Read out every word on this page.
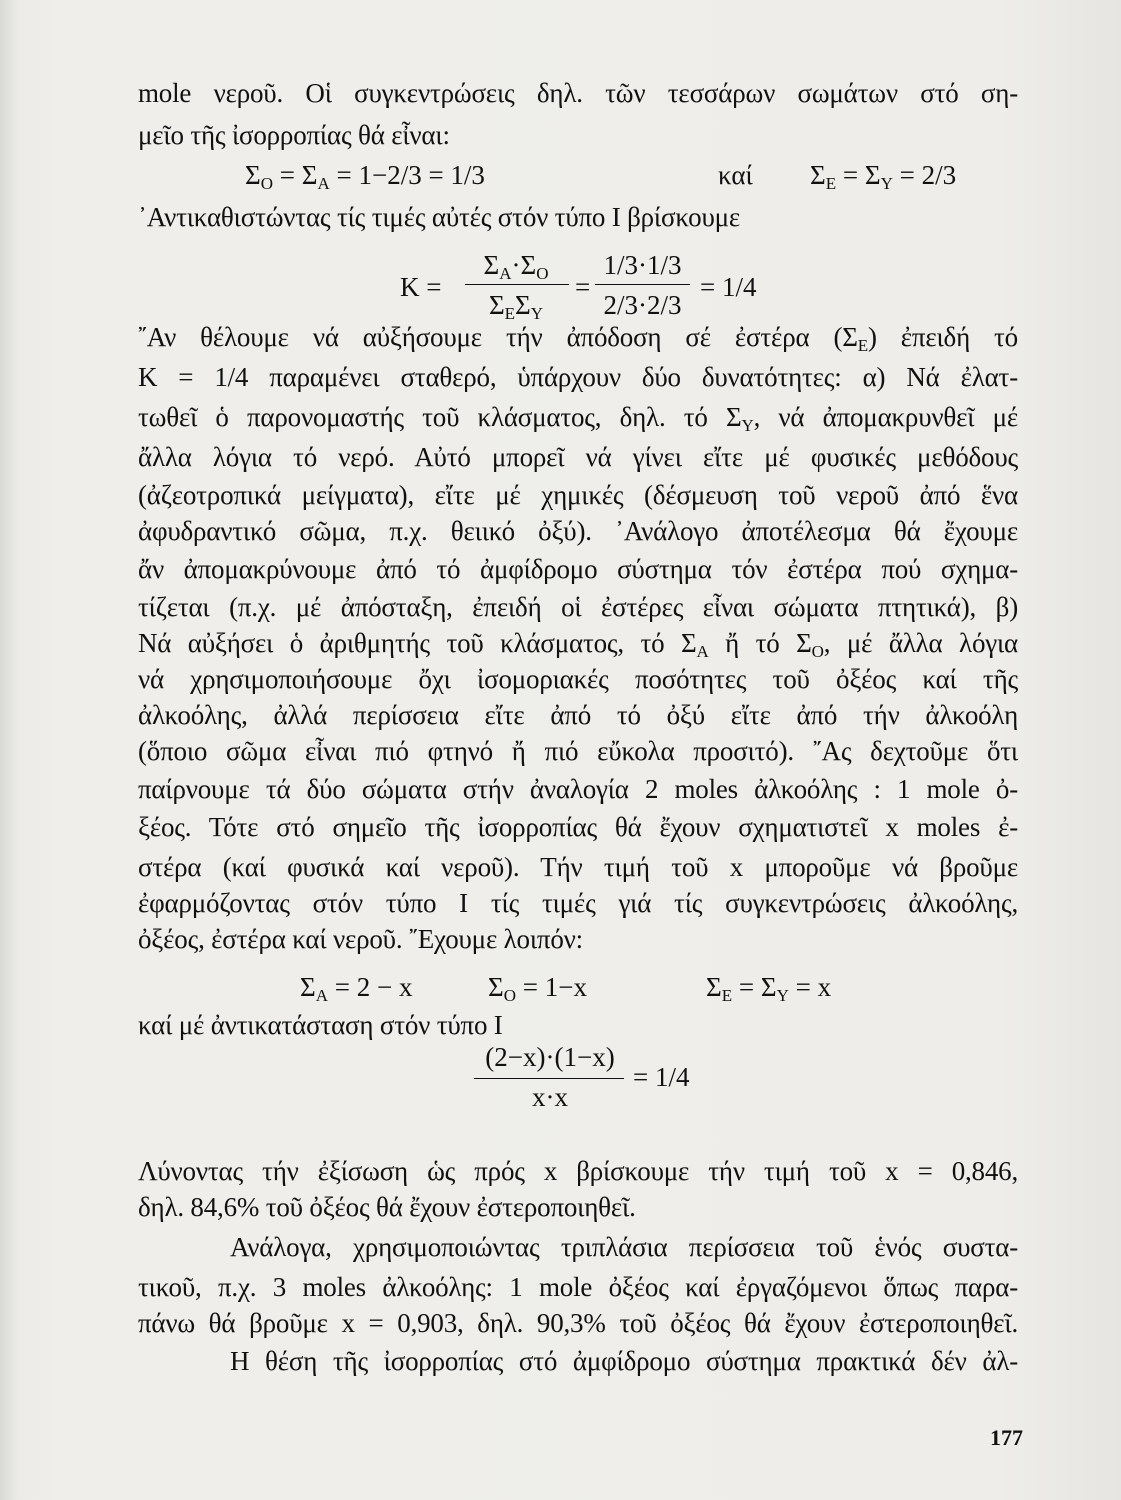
mole νεροῦ. Οἱ συγκεντρώσεις δηλ. τῶν τεσσάρων σωμάτων στό ση-
μεῖο τῆς ἰσορροπίας θά εἶναι:
$\Sigma_O = \Sigma_A = 1-2/3 = 1/3$	καί $\Sigma_E = \Sigma_Y = 2/3$
᾿Αντικαθιστώντας τίς τιμές αὐτές στόν τύπο Ι βρίσκουμε
K =
$\Sigma_A\cdot\Sigma_O$
$\Sigma_E\Sigma_Y$
=
1/3·1/3
2/3·2/3
= 1/4
῎Αν θέλουμε νά αὐξήσουμε τήν ἀπόδοση σέ ἐστέρα $(\Sigma_E)$ ἐπειδή τό
K = 1/4 παραμένει σταθερό, ὑπάρχουν δύο δυνατότητες: α) Νά ἐλατ-
τωθεῖ ὁ παρονομαστής τοῦ κλάσματος, δηλ. τό $\Sigma_Y$, νά ἀπομακρυνθεῖ μέ
ἄλλα λόγια τό νερό. Αὐτό μπορεῖ νά γίνει εἴτε μέ φυσικές μεθόδους
(ἀζεοτροπικά μείγματα), εἴτε μέ χημικές (δέσμευση τοῦ νεροῦ ἀπό ἕνα
ἀφυδραντικό σῶμα, π.χ. θειικό ὀξύ). ᾿Ανάλογο ἀποτέλεσμα θά ἔχουμε
ἄν ἀπομακρύνουμε ἀπό τό ἀμφίδρομο σύστημα τόν ἐστέρα πού σχημα-
τίζεται (π.χ. μέ ἀπόσταξη, ἐπειδή οἱ ἐστέρες εἶναι σώματα πτητικά), β)
Νά αὐξήσει ὁ ἀριθμητής τοῦ κλάσματος, τό $\Sigma_A$ ἤ τό $\Sigma_O$, μέ ἄλλα λόγια
νά χρησιμοποιήσουμε ὄχι ἰσομοριακές ποσότητες τοῦ ὀξέος καί τῆς
ἀλκοόλης, ἀλλά περίσσεια εἴτε ἀπό τό ὀξύ εἴτε ἀπό τήν ἀλκοόλη
(ὅποιο σῶμα εἶναι πιό φτηνό ἤ πιό εὔκολα προσιτό). ῎Ας δεχτοῦμε ὅτι
παίρνουμε τά δύο σώματα στήν ἀναλογία 2 moles ἀλκοόλης : 1 mole ὀ-
ξέος. Τότε στό σημεῖο τῆς ἰσορροπίας θά ἔχουν σχηματιστεῖ x moles ἐ-
στέρα (καί φυσικά καί νεροῦ). Τήν τιμή τοῦ x μποροῦμε νά βροῦμε
ἐφαρμόζοντας στόν τύπο Ι τίς τιμές γιά τίς συγκεντρώσεις ἀλκοόλης,
ὀξέος, ἐστέρα καί νεροῦ. ῎Εχουμε λοιπόν:
$\Sigma_A = 2 - x$	$\Sigma_O = 1-x$	$\Sigma_E = \Sigma_Y = x$
καί μέ ἀντικατάσταση στόν τύπο Ι
(2−x)·(1−x)
x·x
= 1/4
Λύνοντας τήν ἐξίσωση ὡς πρός x βρίσκουμε τήν τιμή τοῦ x = 0,846,
δηλ. 84,6% τοῦ ὀξέος θά ἔχουν ἐστεροποιηθεῖ.
Ανάλογα, χρησιμοποιώντας τριπλάσια περίσσεια τοῦ ἑνός συστα-
τικοῦ, π.χ. 3 moles ἀλκοόλης: 1 mole ὀξέος καί ἐργαζόμενοι ὅπως παρα-
πάνω θά βροῦμε x = 0,903, δηλ. 90,3% τοῦ ὀξέος θά ἔχουν ἐστεροποιηθεῖ.
Η θέση τῆς ἰσορροπίας στό ἀμφίδρομο σύστημα πρακτικά δέν ἀλ-
177
